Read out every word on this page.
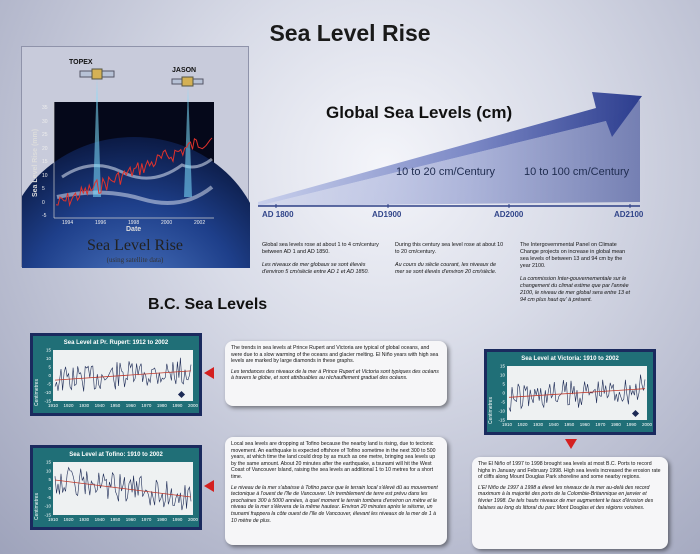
Sea Level Rise
TOPEX
JASON
Sea Level Rise (mm)
35
30
25
20
15
10
5
0
-5
1994	1996	1998	2000	2002
Date
Sea Level Rise
(using satellite data)
Global Sea Levels (cm)
10 to 20 cm/Century	10 to 100 cm/Century
AD 1800	AD1900	AD2000	AD2100

Global sea levels rose at about 1 to 4 cm/century between AD 1 and AD 1850.

Les niveaux de mer globaux se sont élevés d'environ 5 cm/siècle entre AD 1 et AD 1850.

During this century sea level rose at about 10 to 20 cm/century.

Au cours du siècle courant, les niveaux de mer se sont élevés d'environ 20 cm/siècle.

The Intergovernmental Panel on Climate Change projects on increase in global mean sea levels of between 13 and 94 cm by the year 2100.

La commission Inter-gouvernementale sur le changement du climat estime que par l'année 2100, le niveau de mer global sera entre 13 et 94 cm plus haut qu' à présent.

B.C. Sea Levels
Sea Level at Pr. Rupert: 1912 to 2002
Centimetres
15
10
5
0
-5
-10
-15
1910 1920 1930 1940 1950 1960 1970 1980 1990 2000

The trends in sea levels at Prince Rupert and Victoria are typical of global oceans, and were due to a slow warming of the oceans and glacier melting. El Niño years with high sea levels are marked by large diamonds in these graphs.

Les tendances des niveaux de la mer à Prince Rupert et Victoria sont typiques des océans à travers le globe, et sont attribuables au réchauffement graduel des océans.

Sea Level at Tofino: 1910 to 2002
Centimetres
15
10
5
0
-5
-10
-15
1910 1920 1930 1940 1950 1960 1970 1980 1990 2000

Local sea levels are dropping at Tofino because the nearby land is rising, due to tectonic movement. An earthquake is expected offshore of Tofino sometime in the next 300 to 500 years, at which time the land could drop by as much as one metre, bringing sea levels up by the same amount. About 20 minutes after the earthquake, a tsunami will hit the West Coast of Vancouver Island, raising the sea levels an additional 1 to 10 metres for a short time.

Le niveau de la mer s'abaisse à Tofino parce que le terrain local s'élevé dû au mouvement tectonique à l'ouest de l'île de Vancouver. Un tremblement de terre est prévu dans les prochaines 300 à 5000 années, à quel moment le terrain tombera d'environ un mètre et le niveau de la mer s'élevera de la même hauteur. Environ 20 minutes après le séisme, un tsunami frappera la côte ouest de l'île de Vancouver, élevant les niveaux de la mer de 1 à 10 mètre de plus.

Sea Level at Victoria: 1910 to 2002
Centimetres
15
10
5
0
-5
-10
-15
1910 1920 1930 1940 1950 1960 1970 1980 1990 2000

The El Niño of 1997 to 1998 brought sea levels at most B.C. Ports to record highs in January and February 1998. High sea levels increased the erosion rate of cliffs along Mount Douglas Park shoreline and some nearby regions.

L'El Niño de 1997 à 1998 a élevé les niveaux de la mer au-delà des record maximum à la majorité des ports de la Colombie-Britannique en janvier et février 1998. De tels hauts niveaux de mer augmentent le taux d'érosion des falaises au long du littoral du parc Mont Douglas et des régions voisines.
